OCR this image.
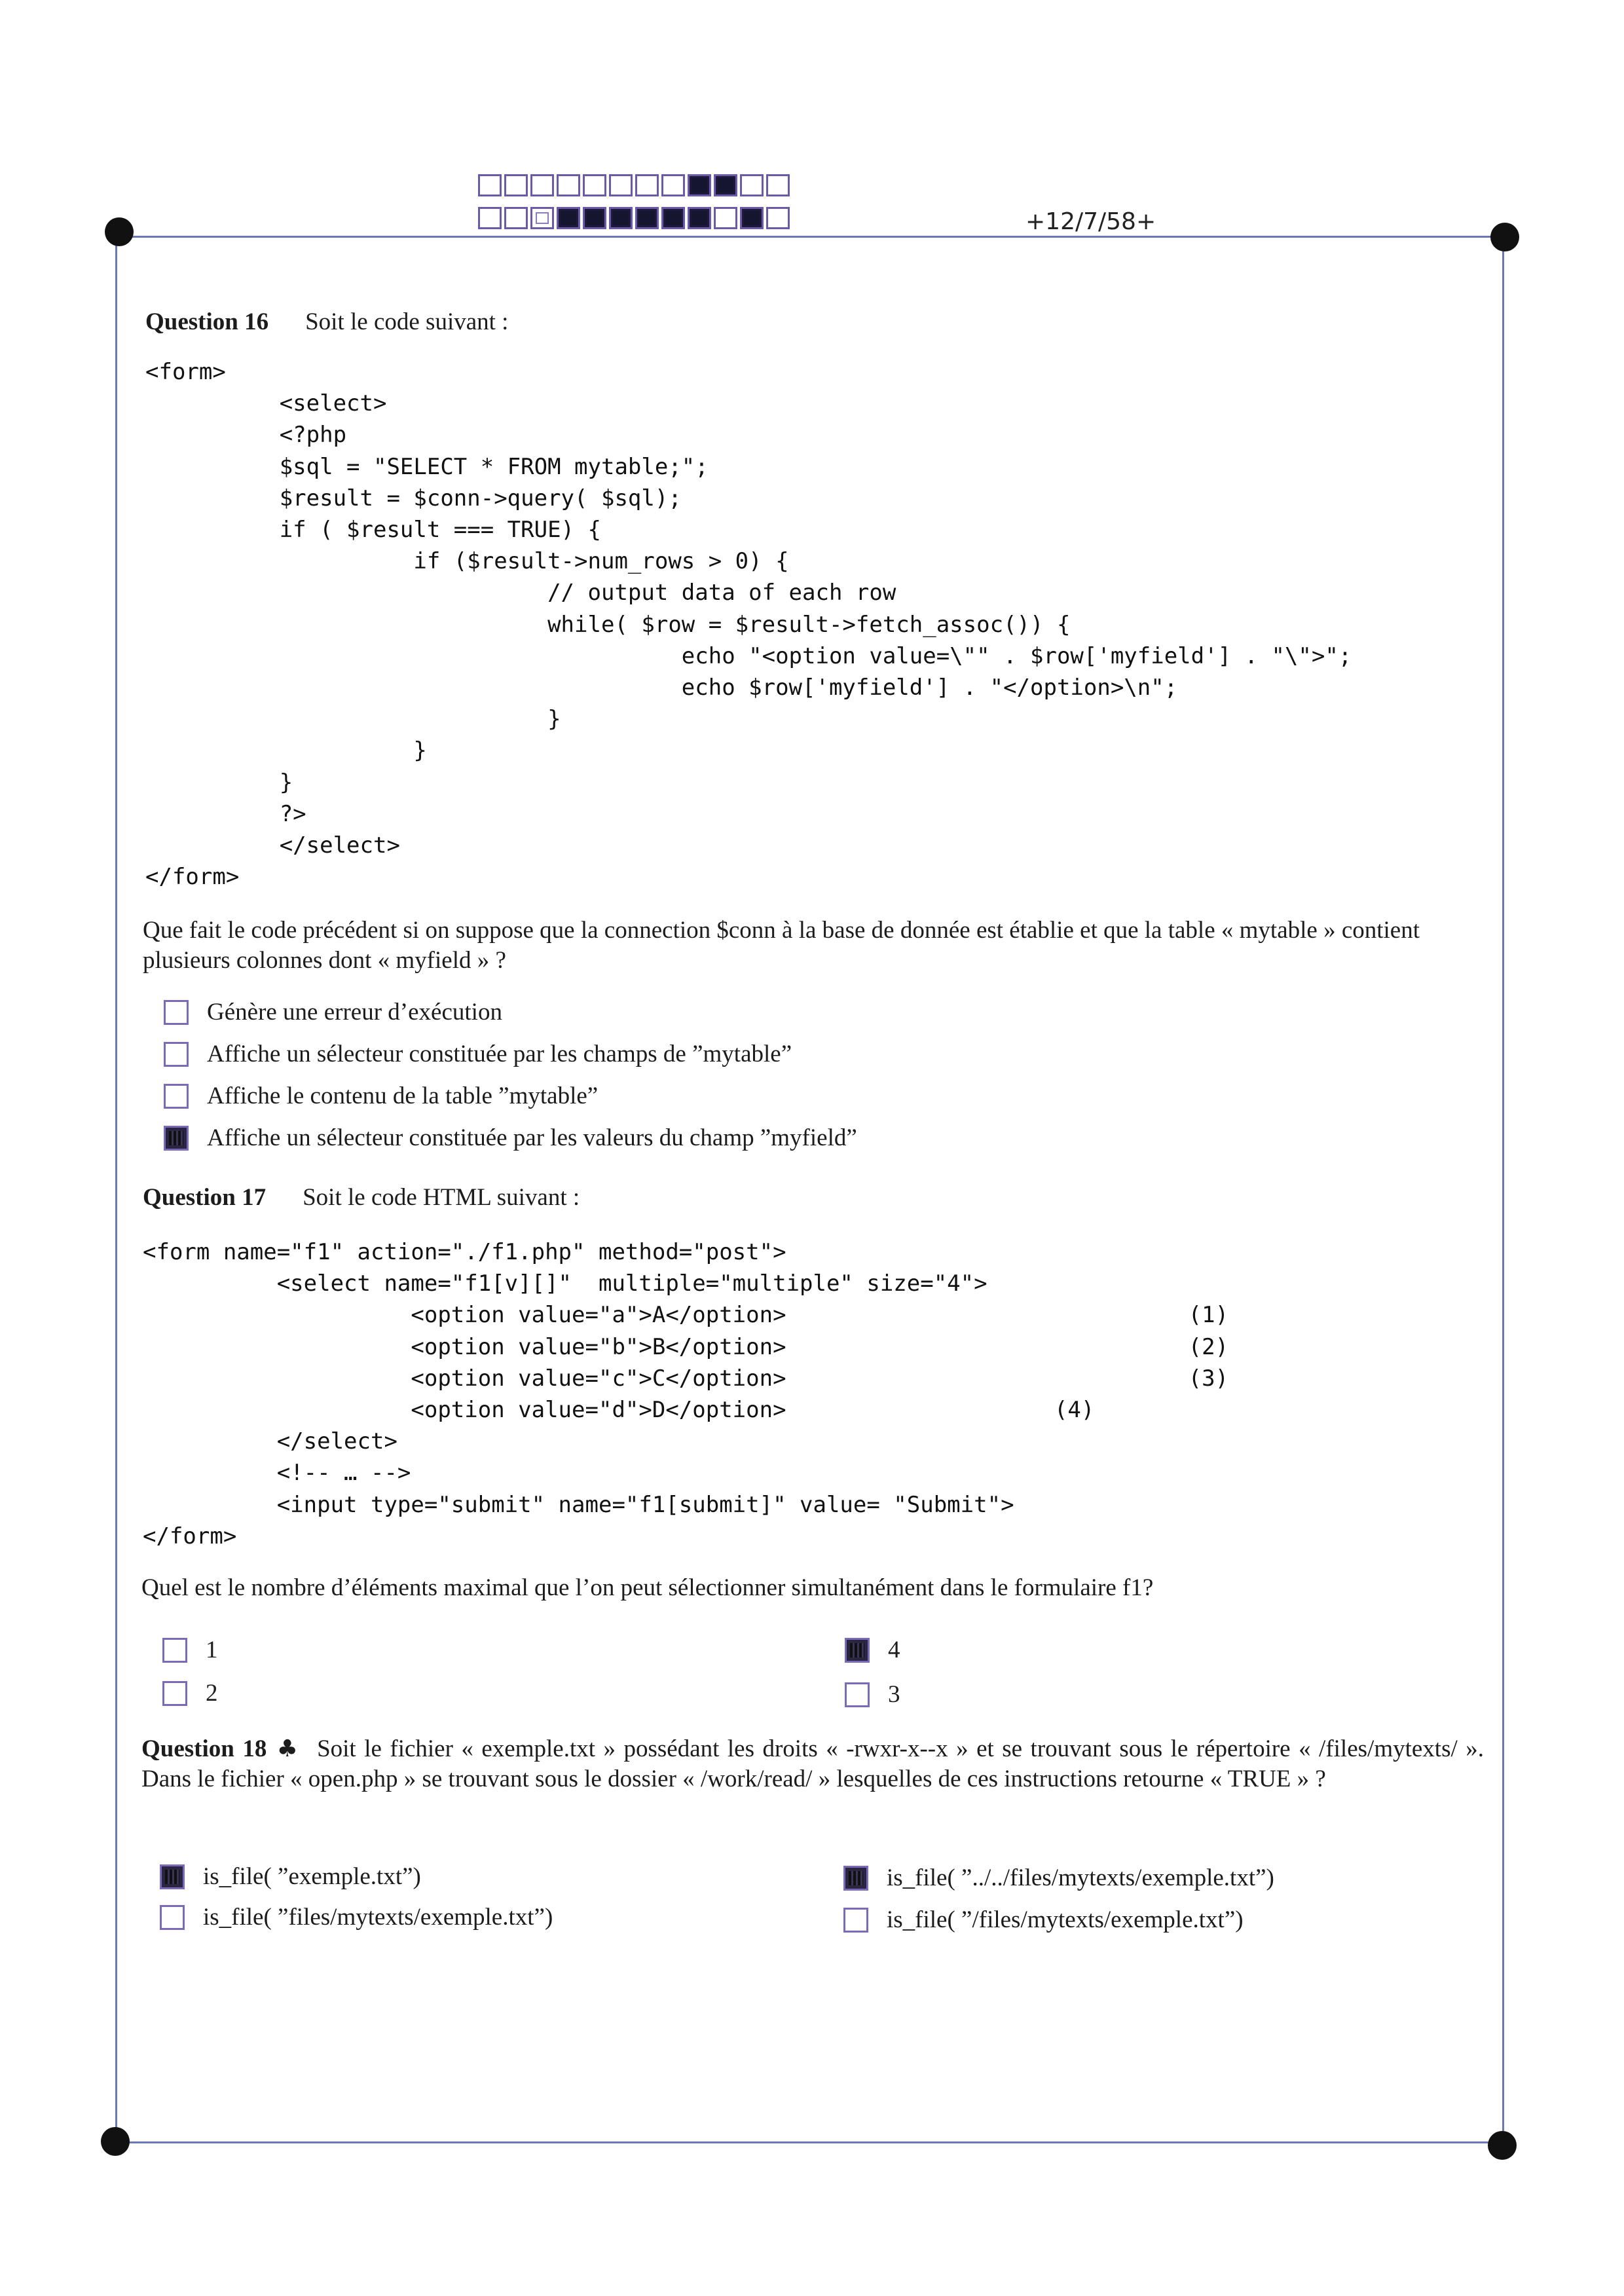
+12/7/58+
Question 16 Soit le code suivant :
<form>
<select>
<?php
$sql = "SELECT * FROM mytable;";
$result = $conn->query( $sql);
if ( $result === TRUE) {
if ($result->num_rows > 0) {
// output data of each row
while( $row = $result->fetch_assoc()) {
echo "<option value=\"" . $row['myfield'] . "\">";
echo $row['myfield'] . "</option>\n";
}
}
}
?>
</select>
</form>
Que fait le code précédent si on suppose que la connection $conn à la base de donnée est établie et que la table « mytable » contient plusieurs colonnes dont « myfield » ?
Génère une erreur d’exécution
Affiche un sélecteur constituée par les champs de ”mytable”
Affiche le contenu de la table ”mytable”
Affiche un sélecteur constituée par les valeurs du champ ”myfield”
Question 17 Soit le code HTML suivant :
<form name="f1" action="./f1.php" method="post">
<select name="f1[v][]"  multiple="multiple" size="4">
<option value="a">A</option>                              (1)
<option value="b">B</option>                              (2)
<option value="c">C</option>                              (3)
<option value="d">D</option>                    (4)
</select>
<!-- … -->
<input type="submit" name="f1[submit]" value= "Submit">
</form>
Quel est le nombre d’éléments maximal que l’on peut sélectionner simultanément dans le formulaire f1?
1
2
4
3
Question 18 ♣ Soit le fichier « exemple.txt » possédant les droits « -rwxr-x--x » et se trouvant sous le répertoire « /files/mytexts/ ». Dans le fichier « open.php » se trouvant sous le dossier « /work/read/ » lesquelles de ces instructions retourne « TRUE » ?
is_file( ”exemple.txt”)
is_file( ”files/mytexts/exemple.txt”)
is_file( ”../../files/mytexts/exemple.txt”)
is_file( ”/files/mytexts/exemple.txt”)
